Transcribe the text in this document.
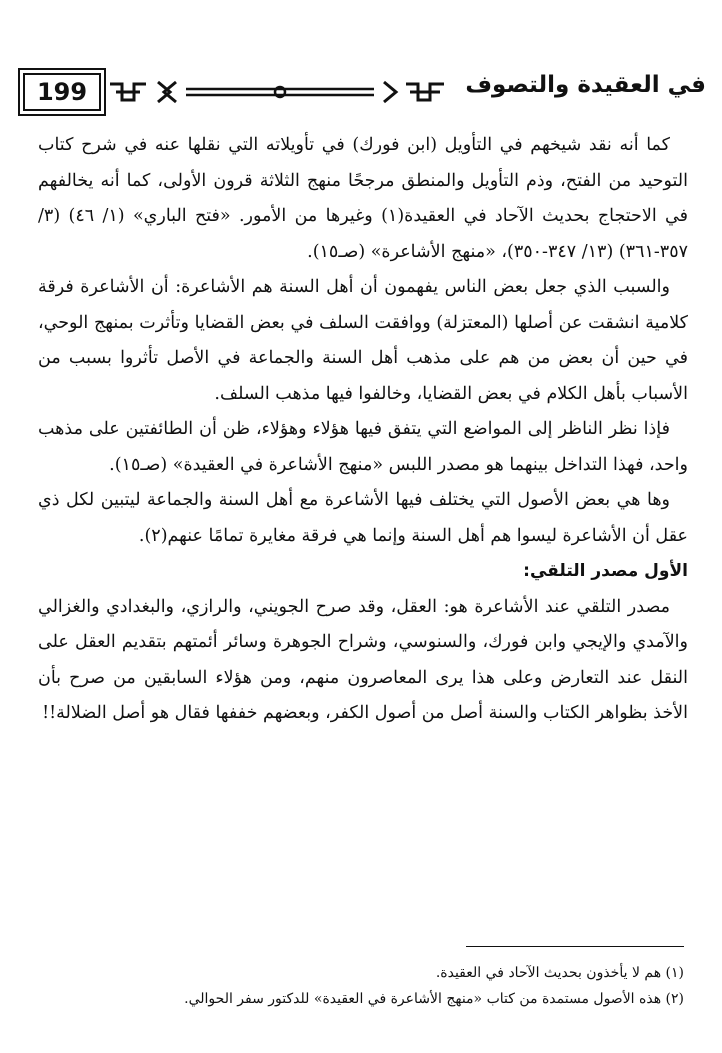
199	في العقيدة والتصوف

كما أنه نقد شيخهم في التأويل (ابن فورك) في تأويلاته التي نقلها عنه في شرح كتاب التوحيد من الفتح، وذم التأويل والمنطق مرجحًا منهج الثلاثة قرون الأولى، كما أنه يخالفهم في الاحتجاج بحديث الآحاد في العقيدة(١) وغيرها من الأمور. «فتح الباري» (١/ ٤٦) (٣/ ٣٥٧-٣٦١) (١٣/ ٣٤٧-٣٥٠)، «منهج الأشاعرة» (صـ١٥).

والسبب الذي جعل بعض الناس يفهمون أن أهل السنة هم الأشاعرة: أن الأشاعرة فرقة كلامية انشقت عن أصلها (المعتزلة) ووافقت السلف في بعض القضايا وتأثرت بمنهج الوحي، في حين أن بعض من هم على مذهب أهل السنة والجماعة في الأصل تأثروا بسبب من الأسباب بأهل الكلام في بعض القضايا، وخالفوا فيها مذهب السلف.

فإذا نظر الناظر إلى المواضع التي يتفق فيها هؤلاء وهؤلاء، ظن أن الطائفتين على مذهب واحد، فهذا التداخل بينهما هو مصدر اللبس «منهج الأشاعرة في العقيدة» (صـ١٥).

وها هي بعض الأصول التي يختلف فيها الأشاعرة مع أهل السنة والجماعة ليتبين لكل ذي عقل أن الأشاعرة ليسوا هم أهل السنة وإنما هي فرقة مغايرة تمامًا عنهم(٢).

الأول مصدر التلقي:

مصدر التلقي عند الأشاعرة هو: العقل، وقد صرح الجويني، والرازي، والبغدادي والغزالي والآمدي والإيجي وابن فورك، والسنوسي، وشراح الجوهرة وسائر أئمتهم بتقديم العقل على النقل عند التعارض وعلى هذا يرى المعاصرون منهم، ومن هؤلاء السابقين من صرح بأن الأخذ بظواهر الكتاب والسنة أصل من أصول الكفر، وبعضهم خففها فقال هو أصل الضلالة!!

(١) هم لا يأخذون بحديث الآحاد في العقيدة.

(٢) هذه الأصول مستمدة من كتاب «منهج الأشاعرة في العقيدة» للدكتور سفر الحوالي.
